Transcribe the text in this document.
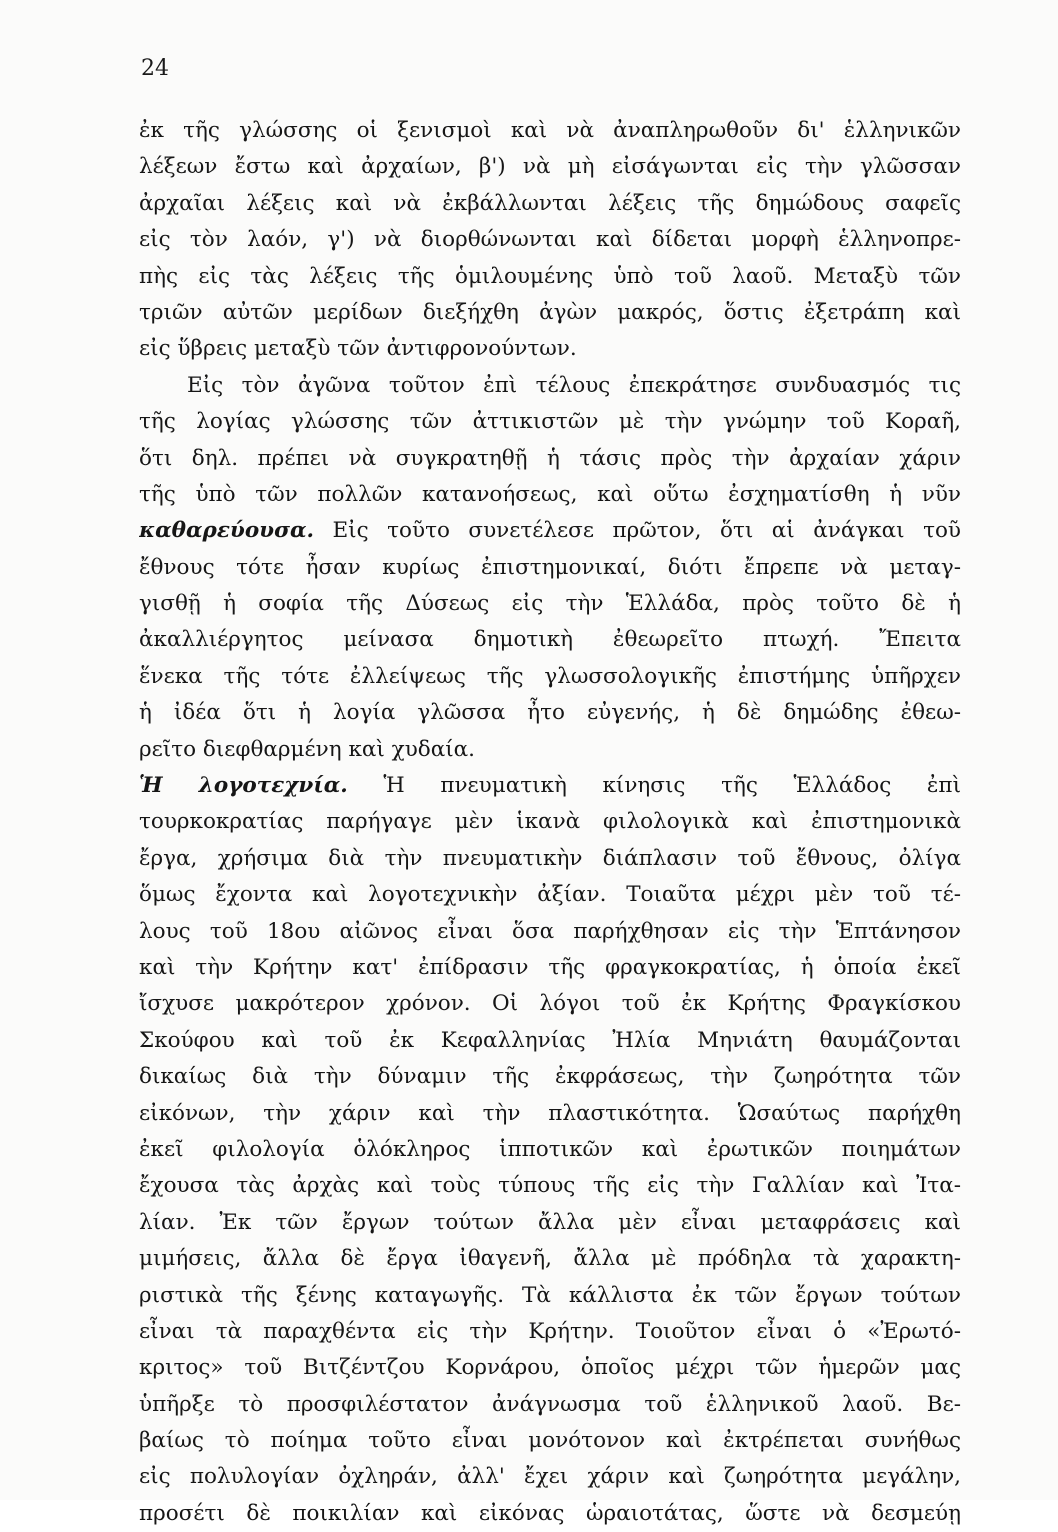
24
ἐκ τῆς γλώσσης οἱ ξενισμοὶ καὶ νὰ ἀναπληρωθοῦν δι' ἑλληνικῶν
λέξεων ἔστω καὶ ἀρχαίων, β') νὰ μὴ εἰσάγωνται εἰς τὴν γλῶσσαν
ἀρχαῖαι λέξεις καὶ νὰ ἐκβάλλωνται λέξεις τῆς δημώδους σαφεῖς
εἰς τὸν λαόν, γ') νὰ διορθώνωνται καὶ δίδεται μορφὴ ἑλληνοπρε-
πὴς εἰς τὰς λέξεις τῆς ὁμιλουμένης ὑπὸ τοῦ λαοῦ. Μεταξὺ τῶν
τριῶν αὐτῶν μερίδων διεξήχθη ἀγὼν μακρός, ὅστις ἐξετράπη καὶ
εἰς ὕβρεις μεταξὺ τῶν ἀντιφρονούντων.
Εἰς τὸν ἀγῶνα τοῦτον ἐπὶ τέλους ἐπεκράτησε συνδυασμός τις
τῆς λογίας γλώσσης τῶν ἀττικιστῶν μὲ τὴν γνώμην τοῦ Κοραῆ,
ὅτι δηλ. πρέπει νὰ συγκρατηθῇ ἡ τάσις πρὸς τὴν ἀρχαίαν χάριν
τῆς ὑπὸ τῶν πολλῶν κατανοήσεως, καὶ οὕτω ἐσχηματίσθη ἡ νῦν
καθαρεύουσα. Εἰς τοῦτο συνετέλεσε πρῶτον, ὅτι αἱ ἀνάγκαι τοῦ
ἔθνους τότε ἦσαν κυρίως ἐπιστημονικαί, διότι ἔπρεπε νὰ μεταγ-
γισθῇ ἡ σοφία τῆς Δύσεως εἰς τὴν Ἑλλάδα, πρὸς τοῦτο δὲ ἡ
ἀκαλλιέργητος μείνασα δημοτικὴ ἐθεωρεῖτο πτωχή. Ἔπειτα
ἕνεκα τῆς τότε ἐλλείψεως τῆς γλωσσολογικῆς ἐπιστήμης ὑπῆρχεν
ἡ ἰδέα ὅτι ἡ λογία γλῶσσα ἦτο εὐγενής, ἡ δὲ δημώδης ἐθεω-
ρεῖτο διεφθαρμένη καὶ χυδαία.
Ἡ λογοτεχνία. Ἡ πνευματικὴ κίνησις τῆς Ἑλλάδος ἐπὶ
τουρκοκρατίας παρήγαγε μὲν ἱκανὰ φιλολογικὰ καὶ ἐπιστημονικὰ
ἔργα, χρήσιμα διὰ τὴν πνευματικὴν διάπλασιν τοῦ ἔθνους, ὀλίγα
ὅμως ἔχοντα καὶ λογοτεχνικὴν ἀξίαν. Τοιαῦτα μέχρι μὲν τοῦ τέ-
λους τοῦ 18ου αἰῶνος εἶναι ὅσα παρήχθησαν εἰς τὴν Ἑπτάνησον
καὶ τὴν Κρήτην κατ' ἐπίδρασιν τῆς φραγκοκρατίας, ἡ ὁποία ἐκεῖ
ἴσχυσε μακρότερον χρόνον. Οἱ λόγοι τοῦ ἐκ Κρήτης Φραγκίσκου
Σκούφου καὶ τοῦ ἐκ Κεφαλληνίας Ἠλία Μηνιάτη θαυμάζονται
δικαίως διὰ τὴν δύναμιν τῆς ἐκφράσεως, τὴν ζωηρότητα τῶν
εἰκόνων, τὴν χάριν καὶ τὴν πλαστικότητα. Ὡσαύτως παρήχθη
ἐκεῖ φιλολογία ὁλόκληρος ἱπποτικῶν καὶ ἐρωτικῶν ποιημάτων
ἔχουσα τὰς ἀρχὰς καὶ τοὺς τύπους τῆς εἰς τὴν Γαλλίαν καὶ Ἰτα-
λίαν. Ἐκ τῶν ἔργων τούτων ἄλλα μὲν εἶναι μεταφράσεις καὶ
μιμήσεις, ἄλλα δὲ ἔργα ἰθαγενῆ, ἄλλα μὲ πρόδηλα τὰ χαρακτη-
ριστικὰ τῆς ξένης καταγωγῆς. Τὰ κάλλιστα ἐκ τῶν ἔργων τούτων
εἶναι τὰ παραχθέντα εἰς τὴν Κρήτην. Τοιοῦτον εἶναι ὁ «Ἐρωτό-
κριτος» τοῦ Βιτζέντζου Κορνάρου, ὁποῖος μέχρι τῶν ἡμερῶν μας
ὑπῆρξε τὸ προσφιλέστατον ἀνάγνωσμα τοῦ ἑλληνικοῦ λαοῦ. Βε-
βαίως τὸ ποίημα τοῦτο εἶναι μονότονον καὶ ἐκτρέπεται συνήθως
εἰς πολυλογίαν ὀχληράν, ἀλλ' ἔχει χάριν καὶ ζωηρότητα μεγάλην,
προσέτι δὲ ποικιλίαν καὶ εἰκόνας ὡραιοτάτας, ὥστε νὰ δεσμεύῃ
